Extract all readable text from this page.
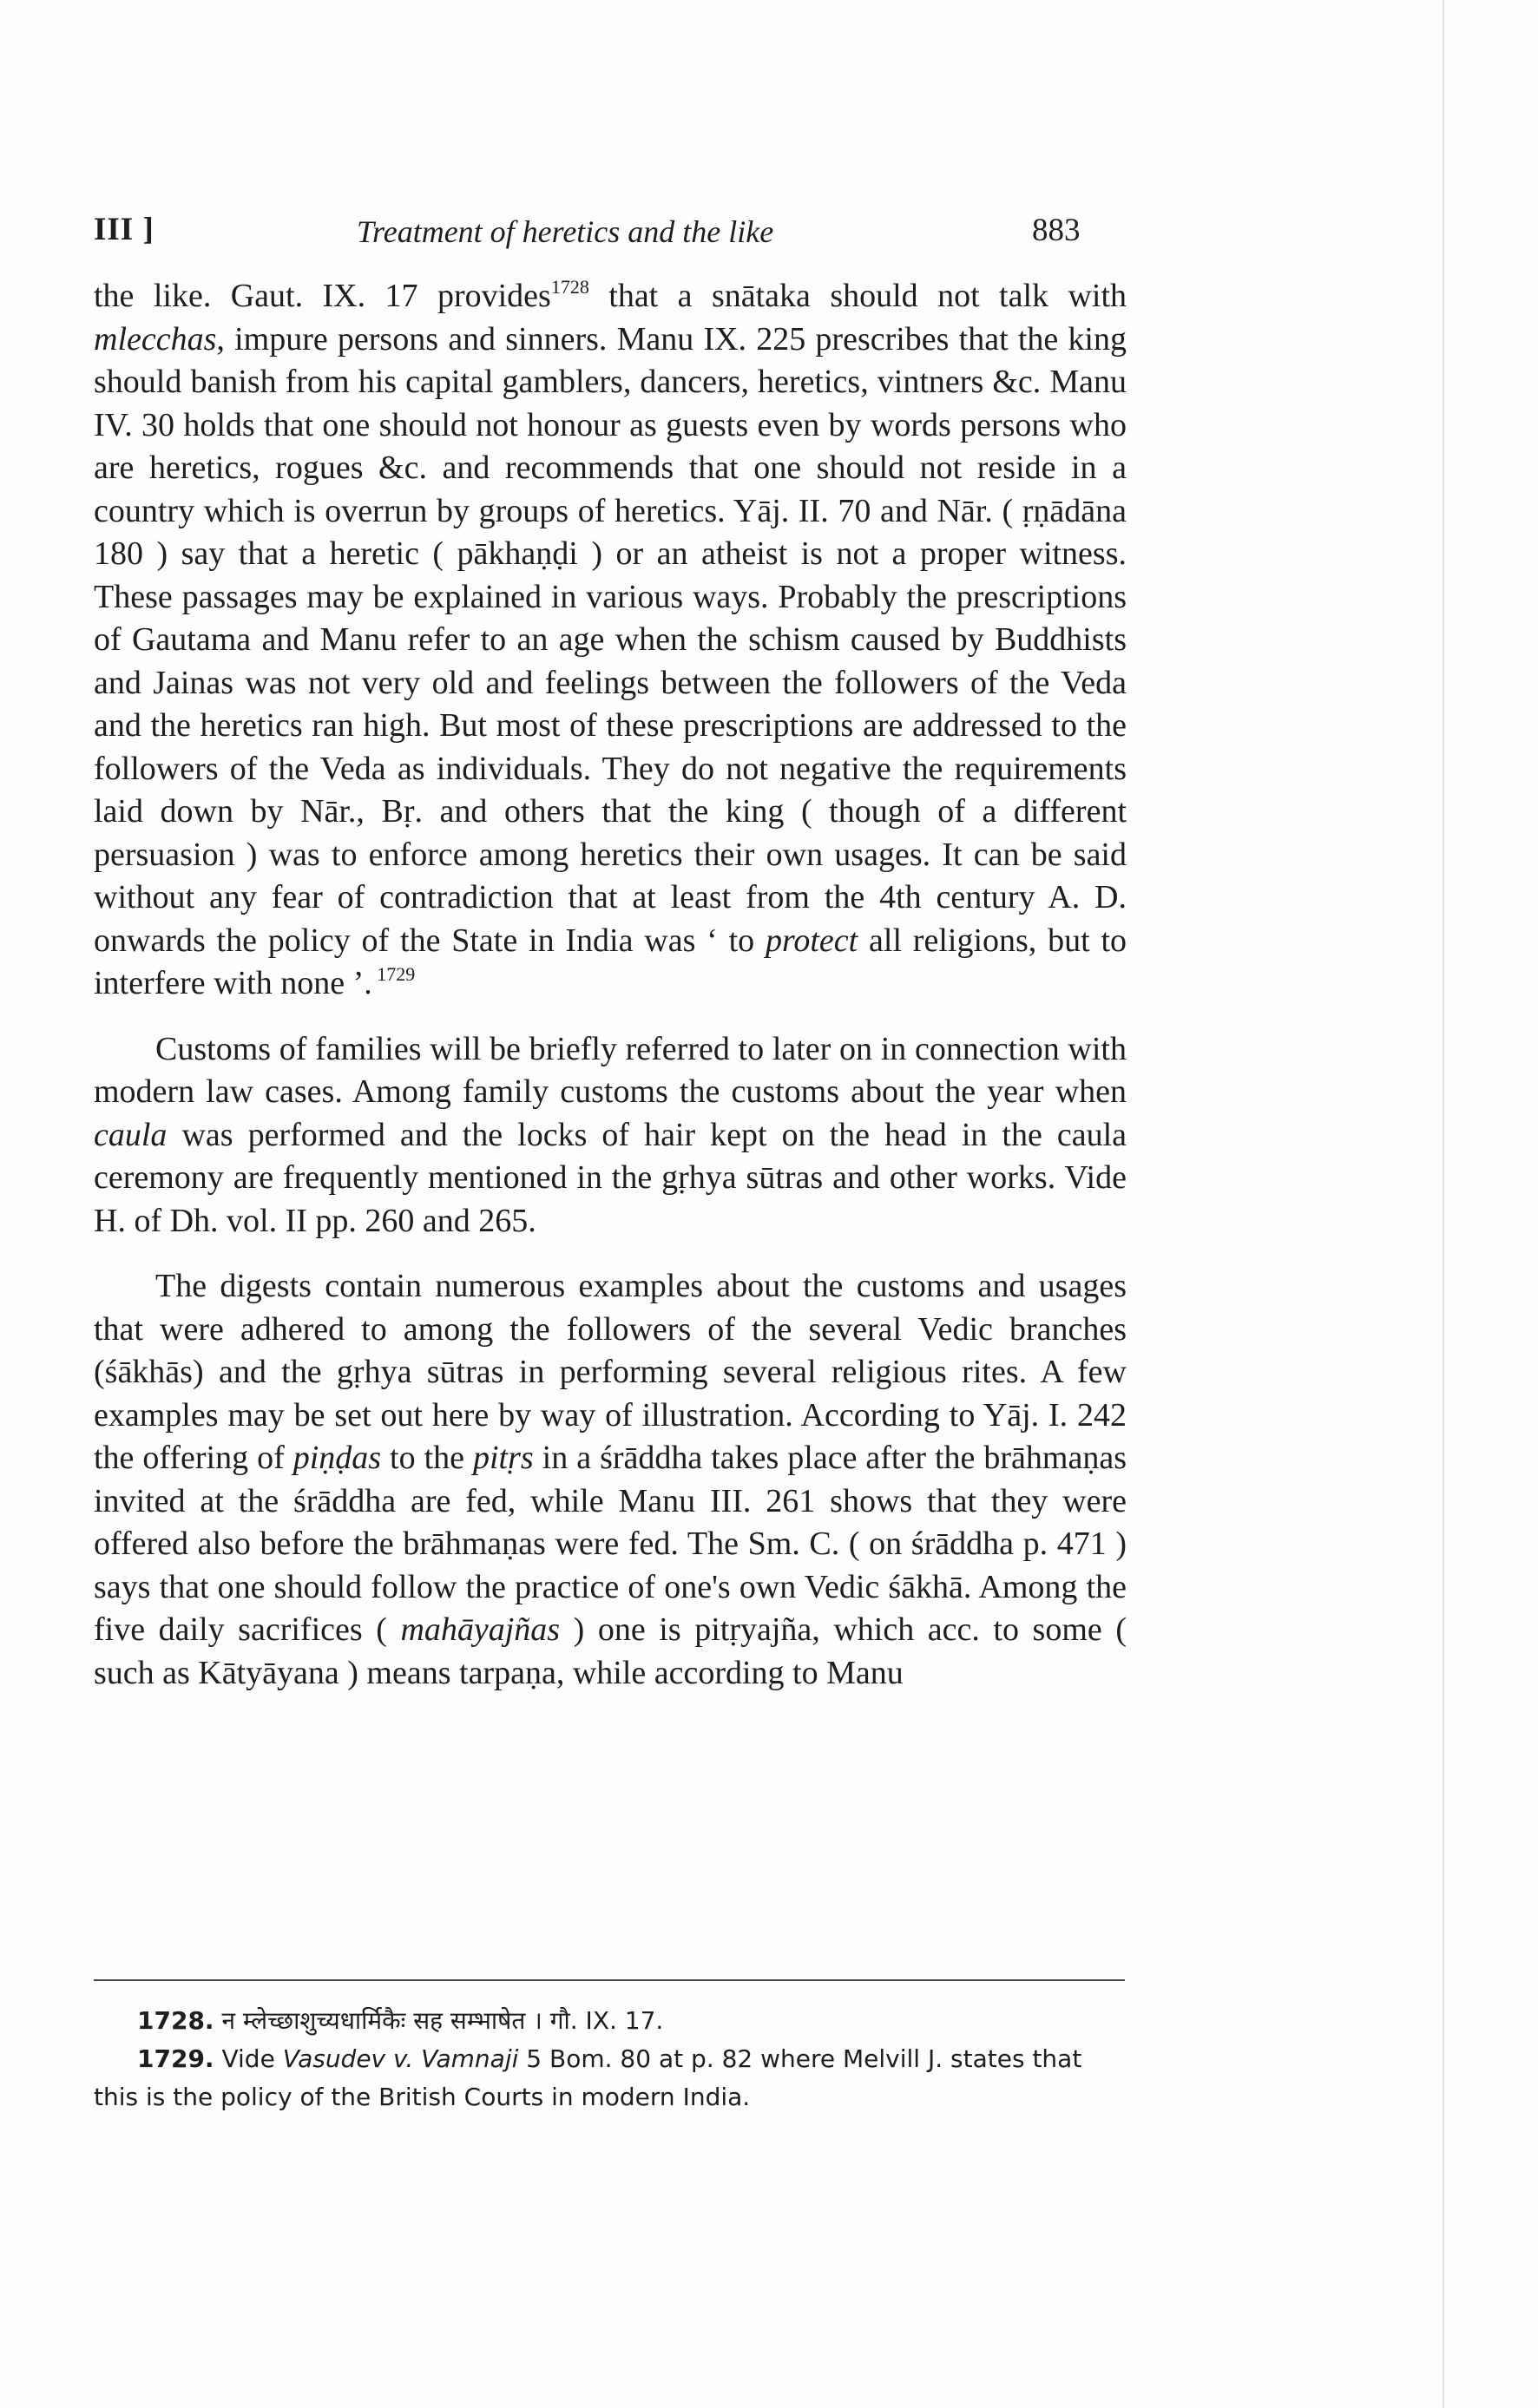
III ]	Treatment of heretics and the like	883

the like. Gaut. IX. 17 provides$^{1728}$ that a snātaka should not talk with mlecchas, impure persons and sinners. Manu IX. 225 prescribes that the king should banish from his capital gamblers, dancers, heretics, vintners &c. Manu IV. 30 holds that one should not honour as guests even by words persons who are heretics, rogues &c. and recommends that one should not reside in a country which is overrun by groups of heretics. Yāj. II. 70 and Nār. ( ṛṇādāna 180 ) say that a heretic ( pākhaṇḍi ) or an atheist is not a proper witness. These passages may be explained in various ways. Probably the prescriptions of Gautama and Manu refer to an age when the schism caused by Buddhists and Jainas was not very old and feelings between the followers of the Veda and the heretics ran high. But most of these prescriptions are addressed to the followers of the Veda as individuals. They do not negative the requirements laid down by Nār., Bṛ. and others that the king ( though of a different persuasion ) was to enforce among heretics their own usages. It can be said without any fear of contradiction that at least from the 4th century A. D. onwards the policy of the State in India was ‘ to protect all religions, but to interfere with none ’. $^{1729}$

Customs of families will be briefly referred to later on in connection with modern law cases. Among family customs the customs about the year when caula was performed and the locks of hair kept on the head in the caula ceremony are frequently mentioned in the gṛhya sūtras and other works. Vide H. of Dh. vol. II pp. 260 and 265.

The digests contain numerous examples about the customs and usages that were adhered to among the followers of the several Vedic branches (śākhās) and the gṛhya sūtras in performing several religious rites. A few examples may be set out here by way of illustration. According to Yāj. I. 242 the offering of piṇḍas to the pitṛs in a śrāddha takes place after the brāhmaṇas invited at the śrāddha are fed, while Manu III. 261 shows that they were offered also before the brāhmaṇas were fed. The Sm. C. ( on śrāddha p. 471 ) says that one should follow the practice of one's own Vedic śākhā. Among the five daily sacrifices ( mahāyajñas ) one is pitṛyajña, which acc. to some ( such as Kātyāyana ) means tarpaṇa, while according to Manu

1728. न म्लेच्छाशुच्यधार्मिकैः सह सम्भाषेत । गौ. IX. 17.

1729. Vide Vasudev v. Vamnaji 5 Bom. 80 at p. 82 where Melvill J. states that this is the policy of the British Courts in modern India.
